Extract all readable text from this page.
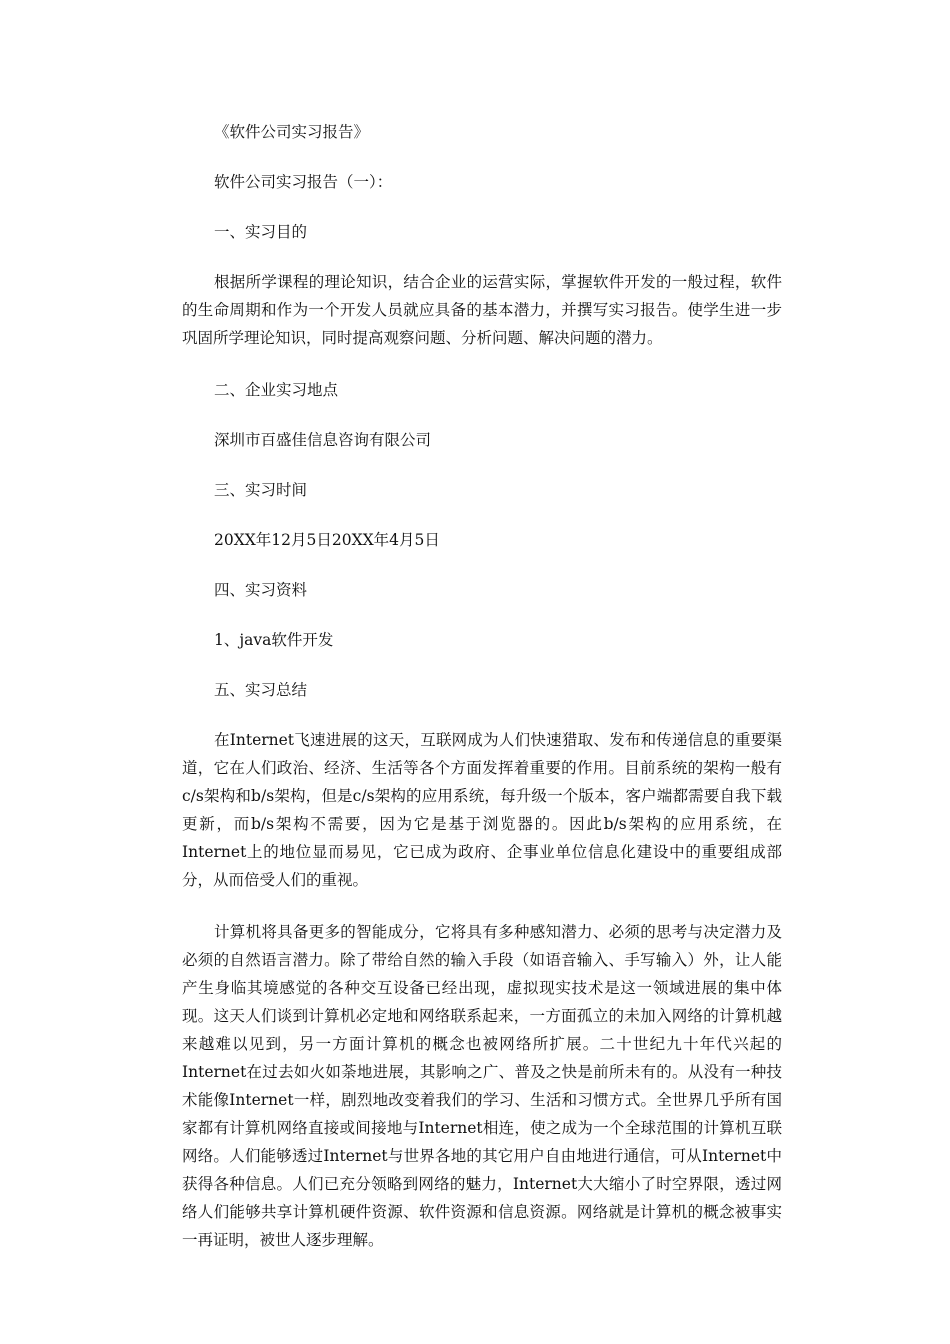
《软件公司实习报告》

软件公司实习报告（一）：

一、实习目的

根据所学课程的理论知识，结合企业的运营实际，掌握软件开发的一般过程，软件的生命周期和作为一个开发人员就应具备的基本潜力，并撰写实习报告。使学生进一步巩固所学理论知识，同时提高观察问题、分析问题、解决问题的潜力。

二、企业实习地点

深圳市百盛佳信息咨询有限公司

三、实习时间

20XX年12月5日20XX年4月5日

四、实习资料

1、java软件开发

五、实习总结

在Internet飞速进展的这天，互联网成为人们快速猎取、发布和传递信息的重要渠道，它在人们政治、经济、生活等各个方面发挥着重要的作用。目前系统的架构一般有c/s架构和b/s架构，但是c/s架构的应用系统，每升级一个版本，客户端都需要自我下载更新，而b/s架构不需要，因为它是基于浏览器的。因此b/s架构的应用系统，在Internet上的地位显而易见，它已成为政府、企事业单位信息化建设中的重要组成部分，从而倍受人们的重视。

计算机将具备更多的智能成分，它将具有多种感知潜力、必须的思考与决定潜力及必须的自然语言潜力。除了带给自然的输入手段（如语音输入、手写输入）外，让人能产生身临其境感觉的各种交互设备已经出现，虚拟现实技术是这一领域进展的集中体现。这天人们谈到计算机必定地和网络联系起来，一方面孤立的未加入网络的计算机越来越难以见到，另一方面计算机的概念也被网络所扩展。二十世纪九十年代兴起的Internet在过去如火如荼地进展，其影响之广、普及之快是前所未有的。从没有一种技术能像Internet一样，剧烈地改变着我们的学习、生活和习惯方式。全世界几乎所有国家都有计算机网络直接或间接地与Internet相连，使之成为一个全球范围的计算机互联网络。人们能够透过Internet与世界各地的其它用户自由地进行通信，可从Internet中获得各种信息。人们已充分领略到网络的魅力，Internet大大缩小了时空界限，透过网络人们能够共享计算机硬件资源、软件资源和信息资源。网络就是计算机的概念被事实一再证明，被世人逐步理解。
